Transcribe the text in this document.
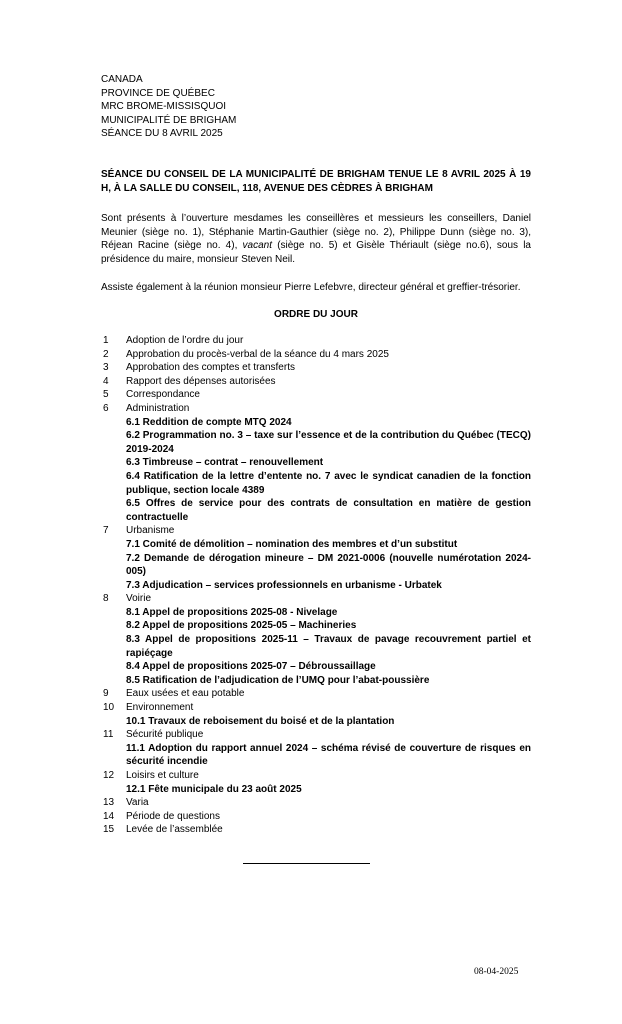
CANADA
PROVINCE DE QUÉBEC
MRC BROME-MISSISQUOI
MUNICIPALITÉ DE BRIGHAM
SÉANCE DU 8 AVRIL 2025
SÉANCE DU CONSEIL DE LA MUNICIPALITÉ DE BRIGHAM TENUE LE 8 AVRIL 2025 À 19 H, À LA SALLE DU CONSEIL, 118, AVENUE DES CÈDRES À BRIGHAM
Sont présents à l’ouverture mesdames les conseillères et messieurs les conseillers, Daniel Meunier (siège no. 1), Stéphanie Martin-Gauthier (siège no. 2), Philippe Dunn (siège no. 3), Réjean Racine (siège no. 4), vacant (siège no. 5) et Gisèle Thériault (siège no.6), sous la présidence du maire, monsieur Steven Neil.
Assiste également à la réunion monsieur Pierre Lefebvre, directeur général et greffier-trésorier.
ORDRE DU JOUR
1	Adoption de l’ordre du jour
2	Approbation du procès-verbal de la séance du 4 mars 2025
3	Approbation des comptes et transferts
4	Rapport des dépenses autorisées
5	Correspondance
6	Administration
6.1 Reddition de compte MTQ 2024
6.2 Programmation no. 3 – taxe sur l’essence et de la contribution du Québec (TECQ) 2019-2024
6.3 Timbreuse – contrat – renouvellement
6.4 Ratification de la lettre d’entente no. 7 avec le syndicat canadien de la fonction publique, section locale 4389
6.5 Offres de service pour des contrats de consultation en matière de gestion contractuelle
7	Urbanisme
7.1 Comité de démolition – nomination des membres et d’un substitut
7.2 Demande de dérogation mineure – DM 2021-0006 (nouvelle numérotation 2024-005)
7.3 Adjudication – services professionnels en urbanisme - Urbatek
8	Voirie
8.1 Appel de propositions 2025-08 - Nivelage
8.2 Appel de propositions 2025-05 – Machineries
8.3 Appel de propositions 2025-11 – Travaux de pavage recouvrement partiel et rapiéçage
8.4 Appel de propositions 2025-07 – Débroussaillage
8.5 Ratification de l’adjudication de l’UMQ pour l’abat-poussière
9	Eaux usées et eau potable
10	Environnement
10.1 Travaux de reboisement du boisé et de la plantation
11	Sécurité publique
11.1 Adoption du rapport annuel 2024 – schéma révisé de couverture de risques en sécurité incendie
12	Loisirs et culture
12.1 Fête municipale du 23 août 2025
13	Varia
14	Période de questions
15	Levée de l’assemblée
08-04-2025
